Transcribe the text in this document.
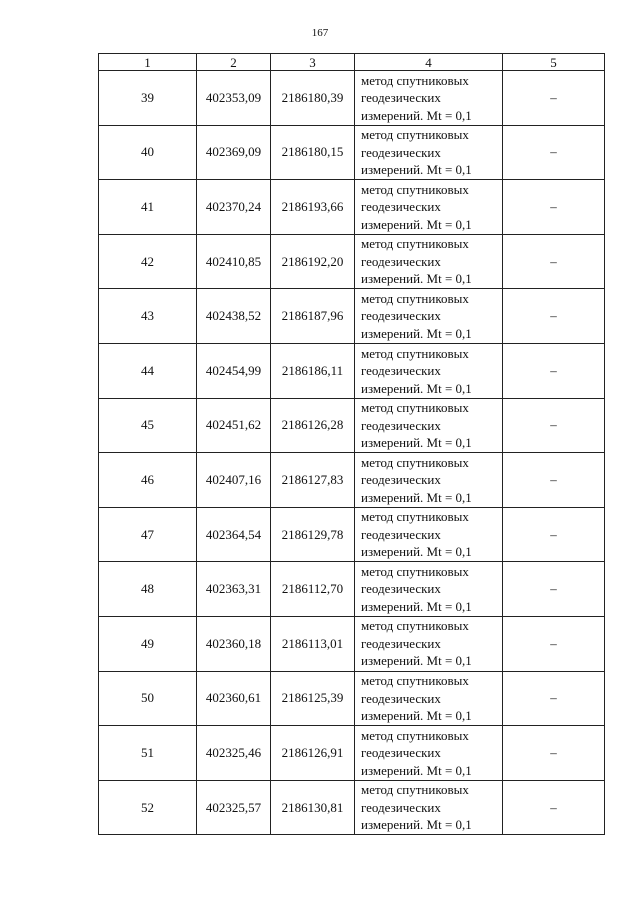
167
1	2	3	4	5
39	402353,09	2186180,39	метод спутниковых
геодезических
измерений. Mt = 0,1	–
40	402369,09	2186180,15	метод спутниковых
геодезических
измерений. Mt = 0,1	–
41	402370,24	2186193,66	метод спутниковых
геодезических
измерений. Mt = 0,1	–
42	402410,85	2186192,20	метод спутниковых
геодезических
измерений. Mt = 0,1	–
43	402438,52	2186187,96	метод спутниковых
геодезических
измерений. Mt = 0,1	–
44	402454,99	2186186,11	метод спутниковых
геодезических
измерений. Mt = 0,1	–
45	402451,62	2186126,28	метод спутниковых
геодезических
измерений. Mt = 0,1	–
46	402407,16	2186127,83	метод спутниковых
геодезических
измерений. Mt = 0,1	–
47	402364,54	2186129,78	метод спутниковых
геодезических
измерений. Mt = 0,1	–
48	402363,31	2186112,70	метод спутниковых
геодезических
измерений. Mt = 0,1	–
49	402360,18	2186113,01	метод спутниковых
геодезических
измерений. Mt = 0,1	–
50	402360,61	2186125,39	метод спутниковых
геодезических
измерений. Mt = 0,1	–
51	402325,46	2186126,91	метод спутниковых
геодезических
измерений. Mt = 0,1	–
52	402325,57	2186130,81	метод спутниковых
геодезических
измерений. Mt = 0,1	–
